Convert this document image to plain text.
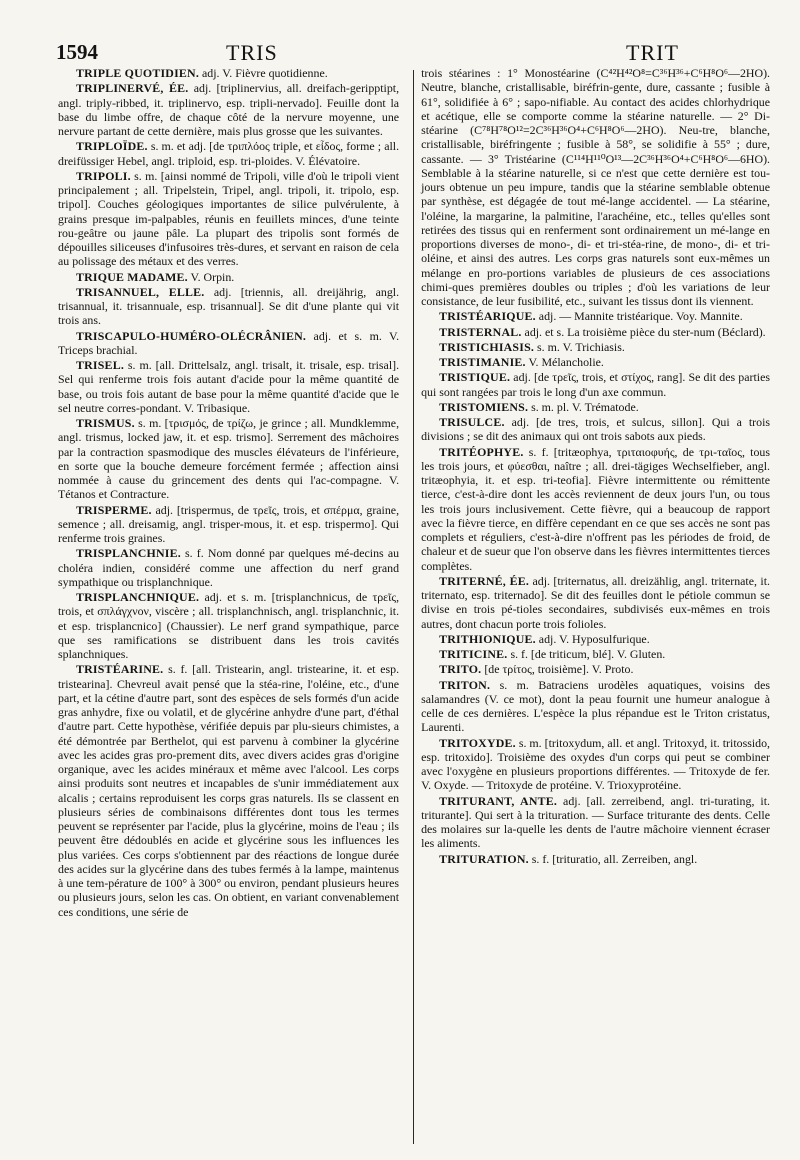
1594	TRIS	TRIT

TRIPLE QUOTIDIEN. adj. V. Fièvre quotidienne.

TRIPLINERVÉ, ÉE. adj. [triplinervius, all. dreifach-geripptipt, angl. triply-ribbed, it. triplinervo, esp. tripli-nervado]. Feuille dont la base du limbe offre, de chaque côté de la nervure moyenne, une nervure partant de cette dernière, mais plus grosse que les suivantes.

TRIPLOÏDE. s. m. et adj. [de τριπλόος triple, et εἶδος, forme ; all. dreifüssiger Hebel, angl. triploid, esp. tri-ploides. V. Élévatoire.

TRIPOLI. s. m. [ainsi nommé de Tripoli, ville d'où le tripoli vient principalement ; all. Tripelstein, Tripel, angl. tripoli, it. tripolo, esp. tripol]. Couches géologiques importantes de silice pulvérulente, à grains presque im-palpables, réunis en feuillets minces, d'une teinte rou-geâtre ou jaune pâle. La plupart des tripolis sont formés de dépouilles siliceuses d'infusoires très-dures, et servant en raison de cela au polissage des métaux et des verres.

TRIQUE MADAME. V. Orpin.

TRISANNUEL, ELLE. adj. [triennis, all. dreijährig, angl. trisannual, it. trisannuale, esp. trisannual]. Se dit d'une plante qui vit trois ans.

TRISCAPULO-HUMÉRO-OLÉCRÂNIEN. adj. et s. m. V. Triceps brachial.

TRISEL. s. m. [all. Drittelsalz, angl. trisalt, it. trisale, esp. trisal]. Sel qui renferme trois fois autant d'acide pour la même quantité de base, ou trois fois autant de base pour la même quantité d'acide que le sel neutre corres-pondant. V. Tribasique.

TRISMUS. s. m. [τρισμός, de τρίζω, je grince ; all. Mundklemme, angl. trismus, locked jaw, it. et esp. trismo]. Serrement des mâchoires par la contraction spasmodique des muscles élévateurs de l'inférieure, en sorte que la bouche demeure forcément fermée ; affection ainsi nommée à cause du grincement des dents qui l'ac-compagne. V. Tétanos et Contracture.

TRISPERME. adj. [trispermus, de τρεῖς, trois, et σπέρμα, graine, semence ; all. dreisamig, angl. trisper-mous, it. et esp. trispermo]. Qui renferme trois graines.

TRISPLANCHNIE. s. f. Nom donné par quelques mé-decins au choléra indien, considéré comme une affection du nerf grand sympathique ou trisplanchnique.

TRISPLANCHNIQUE. adj. et s. m. [trisplanchnicus, de τρεῖς, trois, et σπλάγχνον, viscère ; all. trisplanchnisch, angl. trisplanchnic, it. et esp. trisplancnico] (Chaussier). Le nerf grand sympathique, parce que ses ramifications se distribuent dans les trois cavités splanchniques.

TRISTÉARINE. s. f. [all. Tristearin, angl. tristearine, it. et esp. tristearina]. Chevreul avait pensé que la stéa-rine, l'oléine, etc., d'une part, et la cétine d'autre part, sont des espèces de sels formés d'un acide gras anhydre, fixe ou volatil, et de glycérine anhydre d'une part, d'éthal d'autre part. Cette hypothèse, vérifiée depuis par plu-sieurs chimistes, a été démontrée par Berthelot, qui est parvenu à combiner la glycérine avec les acides gras pro-prement dits, avec divers acides gras d'origine organique, avec les acides minéraux et même avec l'alcool. Les corps ainsi produits sont neutres et incapables de s'unir immédiatement aux alcalis ; certains reproduisent les corps gras naturels. Ils se classent en plusieurs séries de combinaisons différentes dont tous les termes peuvent se représenter par l'acide, plus la glycérine, moins de l'eau ; ils peuvent être dédoublés en acide et glycérine sous les influences les plus variées. Ces corps s'obtiennent par des réactions de longue durée des acides sur la glycérine dans des tubes fermés à la lampe, maintenus à une tem-pérature de 100° à 300° ou environ, pendant plusieurs heures ou plusieurs jours, selon les cas. On obtient, en variant convenablement ces conditions, une série de

trois stéarines : 1° Monostéarine (C⁴²H⁴²O⁸=C³⁶H³⁶+C⁶H⁸O⁶—2HO). Neutre, blanche, cristallisable, biréfrin-gente, dure, cassante ; fusible à 61°, solidifiée à 6° ; sapo-nifiable. Au contact des acides chlorhydrique et acétique, elle se comporte comme la stéarine naturelle. — 2° Di-stéarine (C⁷⁸H⁷⁸O¹²=2C³⁶H³⁶O⁴+C⁶H⁸O⁶—2HO). Neu-tre, blanche, cristallisable, biréfringente ; fusible à 58°, se solidifie à 55° ; dure, cassante. — 3° Tristéarine (C¹¹⁴H¹¹⁰O¹³—2C³⁶H³⁶O⁴+C⁶H⁸O⁶—6HO). Semblable à la stéarine naturelle, si ce n'est que cette dernière est tou-jours obtenue un peu impure, tandis que la stéarine semblable obtenue par synthèse, est dégagée de tout mé-lange accidentel. — La stéarine, l'oléine, la margarine, la palmitine, l'arachéine, etc., telles qu'elles sont retirées des tissus qui en renferment sont ordinairement un mé-lange en proportions diverses de mono-, di- et tri-stéa-rine, de mono-, di- et tri-oléine, et ainsi des autres. Les corps gras naturels sont eux-mêmes un mélange en pro-portions variables de plusieurs de ces associations chimi-ques premières doubles ou triples ; d'où les variations de leur consistance, de leur fusibilité, etc., suivant les tissus dont ils viennent.

TRISTÉARIQUE. adj. — Mannite tristéarique. Voy. Mannite.

TRISTERNAL. adj. et s. La troisième pièce du ster-num (Béclard).

TRISTICHIASIS. s. m. V. Trichiasis.

TRISTIMANIE. V. Mélancholie.

TRISTIQUE. adj. [de τρεῖς, trois, et στίχος, rang]. Se dit des parties qui sont rangées par trois le long d'un axe commun.

TRISTOMIENS. s. m. pl. V. Trématode.

TRISULCE. adj. [de tres, trois, et sulcus, sillon]. Qui a trois divisions ; se dit des animaux qui ont trois sabots aux pieds.

TRITÉOPHYE. s. f. [tritæophya, τριταιοφυής, de τρι-ταῖος, tous les trois jours, et φύεσθαι, naître ; all. drei-tägiges Wechselfieber, angl. tritæophyia, it. et esp. tri-teofia]. Fièvre intermittente ou rémittente tierce, c'est-à-dire dont les accès reviennent de deux jours l'un, ou tous les trois jours inclusivement. Cette fièvre, qui a beaucoup de rapport avec la fièvre tierce, en diffère cependant en ce que ses accès ne sont pas complets et réguliers, c'est-à-dire n'offrent pas les périodes de froid, de chaleur et de sueur que l'on observe dans les fièvres intermittentes tierces complètes.

TRITERNÉ, ÉE. adj. [triternatus, all. dreizählig, angl. triternate, it. triternato, esp. triternado]. Se dit des feuilles dont le pétiole commun se divise en trois pé-tioles secondaires, subdivisés eux-mêmes en trois autres, dont chacun porte trois folioles.

TRITHIONIQUE. adj. V. Hyposulfurique.

TRITICINE. s. f. [de triticum, blé]. V. Gluten.

TRITO. [de τρίτος, troisième]. V. Proto.

TRITON. s. m. Batraciens urodèles aquatiques, voisins des salamandres (V. ce mot), dont la peau fournit une humeur analogue à celle de ces dernières. L'espèce la plus répandue est le Triton cristatus, Laurenti.

TRITOXYDE. s. m. [tritoxydum, all. et angl. Tritoxyd, it. tritossido, esp. tritoxido]. Troisième des oxydes d'un corps qui peut se combiner avec l'oxygène en plusieurs proportions différentes. — Tritoxyde de fer. V. Oxyde. — Tritoxyde de protéine. V. Trioxyprotéine.

TRITURANT, ANTE. adj. [all. zerreibend, angl. tri-turating, it. triturante]. Qui sert à la trituration. — Surface triturante des dents. Celle des molaires sur la-quelle les dents de l'autre mâchoire viennent écraser les aliments.

TRITURATION. s. f. [trituratio, all. Zerreiben, angl.
